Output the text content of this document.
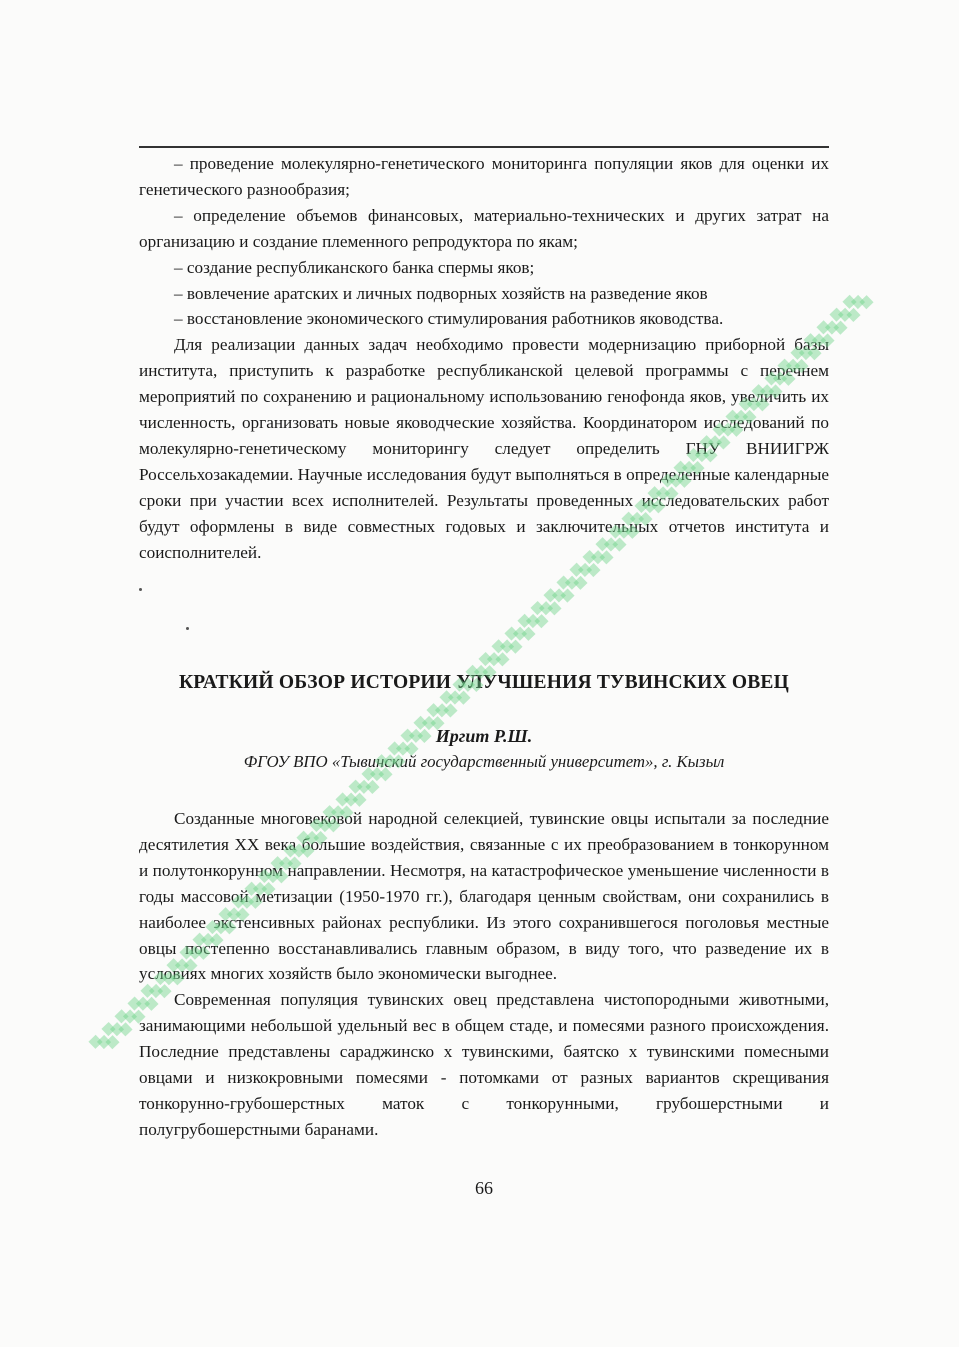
– проведение молекулярно-генетического мониторинга популяции яков для оценки их генетического разнообразия;

– определение объемов финансовых, материально-технических и других затрат на организацию и создание племенного репродуктора по якам;

– создание республиканского банка спермы яков;

– вовлечение аратских и личных подворных хозяйств на разведение яков

– восстановление экономического стимулирования работников яководства.

Для реализации данных задач необходимо провести модернизацию приборной базы института, приступить к разработке республиканской целевой программы с перечнем мероприятий по сохранению и рациональному использованию генофонда яков, увеличить их численность, организовать новые яководческие хозяйства. Координатором исследований по молекулярно-генетическому мониторингу следует определить ГНУ ВНИИГРЖ Россельхозакадемии. Научные исследования будут выполняться в определенные календарные сроки при участии всех исполнителей. Результаты проведенных исследовательских работ будут оформлены в виде совместных годовых и заключительных отчетов института и соисполнителей.

КРАТКИЙ ОБЗОР ИСТОРИИ УЛУЧШЕНИЯ ТУВИНСКИХ ОВЕЦ

Иргит Р.Ш.

ФГОУ ВПО «Тывинский государственный университет», г. Кызыл

Созданные многовековой народной селекцией, тувинские овцы испытали за последние десятилетия XX века большие воздействия, связанные с их преобразованием в тонкорунном и полутонкорунном направлении. Несмотря, на катастрофическое уменьшение численности в годы массовой метизации (1950-1970 гг.), благодаря ценным свойствам, они сохранились в наиболее экстенсивных районах республики. Из этого сохранившегося поголовья местные овцы постепенно восстанавливались главным образом, в виду того, что разведение их в условиях многих хозяйств было экономически выгоднее.

Современная популяция тувинских овец представлена чистопородными животными, занимающими небольшой удельный вес в общем стаде, и помесями разного происхождения. Последние представлены сараджинско х тувинскими, баятско х тувинскими помесными овцами и низкокровными помесями - потомками от разных вариантов скрещивания тонкорунно-грубошерстных маток с тонкорунными, грубошерстными и полугрубошерстными баранами.

66
